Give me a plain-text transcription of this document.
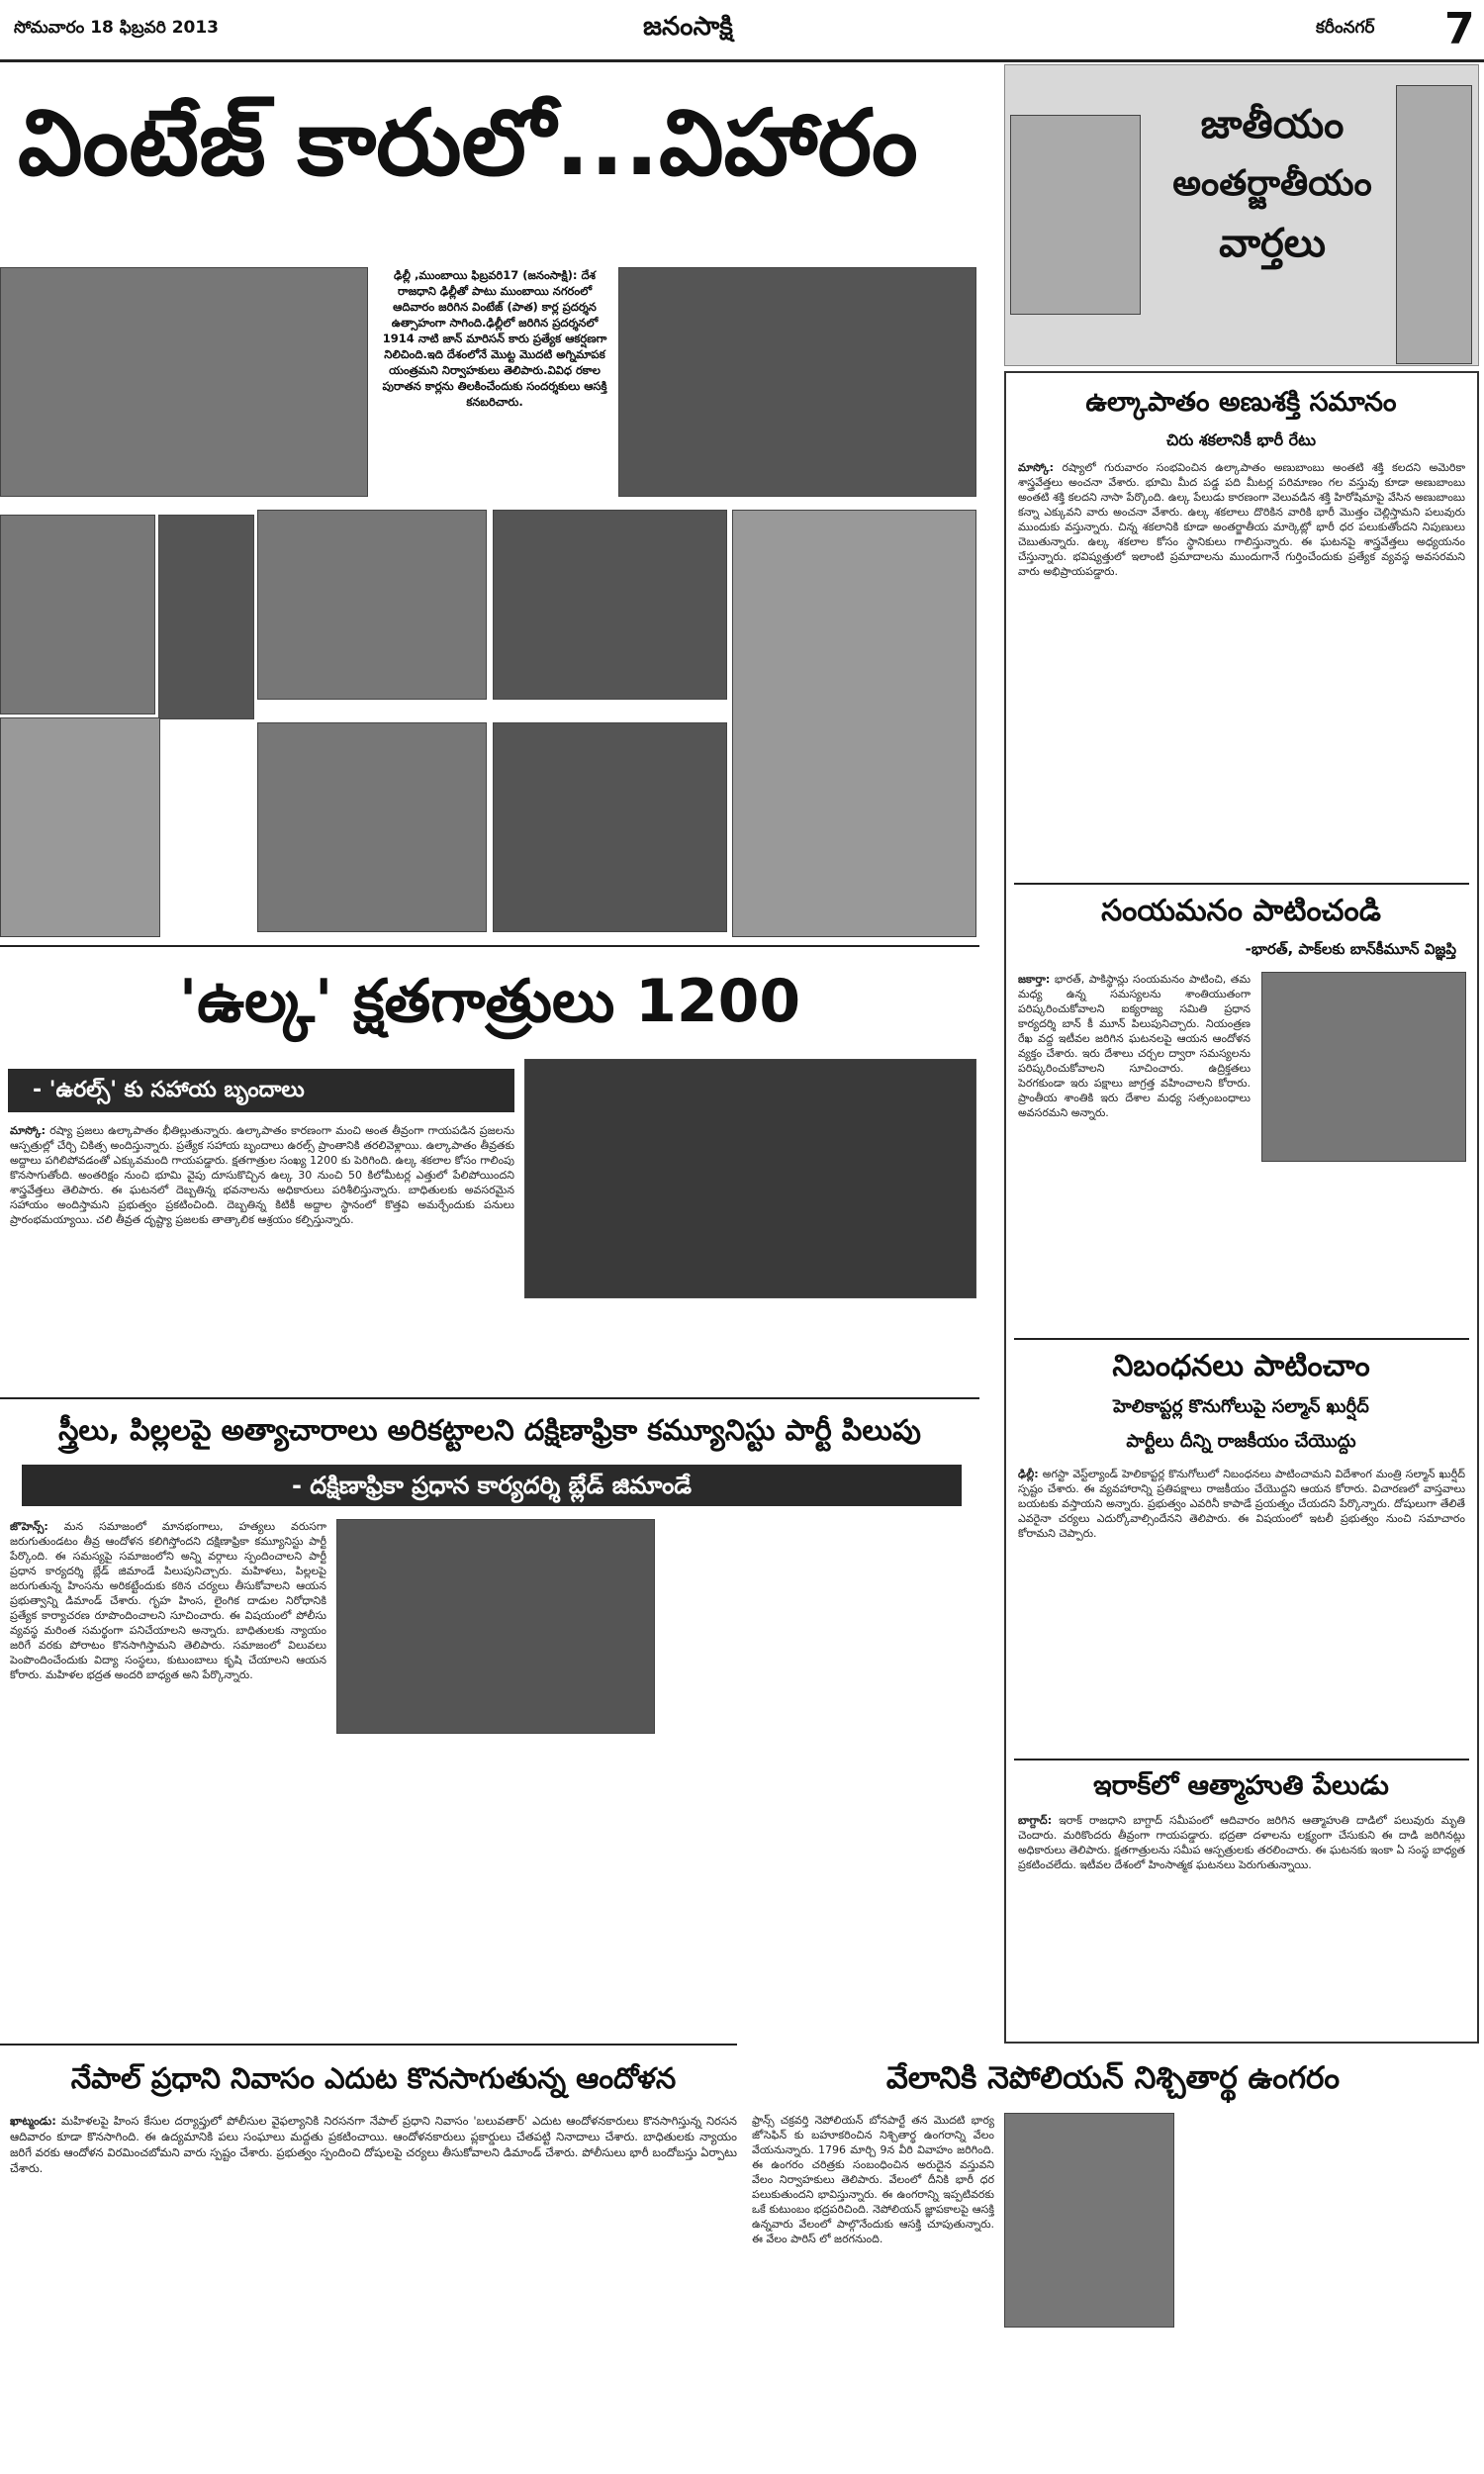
సోమవారం 18 ఫిబ్రవరి 2013	జనంసాక్షి	కరీంనగర్ 7
వింటేజ్ కారులో...విహారం
ఢిల్లీ ,ముంబాయి ఫిబ్రవరి17 (జనంసాక్షి): దేశ రాజధాని ఢిల్లీతో పాటు ముంబాయి నగరంలో ఆదివారం జరిగిన వింటేజ్ (పాత) కార్ల ప్రదర్శన ఉత్సాహంగా సాగింది.ఢిల్లీలో జరిగిన ప్రదర్శనలో 1914 నాటి జాన్ మారిసన్ కారు ప్రత్యేక ఆకర్షణగా నిలిచింది.ఇది దేశంలోనే మొట్ట మొదటి అగ్నిమాపక యంత్రమని నిర్వాహకులు తెలిపారు.వివిధ రకాల పురాతన కార్లను తిలకించేందుకు సందర్శకులు ఆసక్తి కనబరిచారు.
'ఉల్క' క్షతగాత్రులు 1200
- 'ఉరల్స్' కు సహాయ బృందాలు

మాస్కో: రష్యా ప్రజలు ఉల్కాపాతం భీతిల్లుతున్నారు. ఉల్కాపాతం కారణంగా మంచి అంత తీవ్రంగా గాయపడిన ప్రజలను ఆస్పత్రుల్లో చేర్చి చికిత్స అందిస్తున్నారు. ప్రత్యేక సహాయ బృందాలు ఉరల్స్ ప్రాంతానికి తరలివెళ్లాయి. ఉల్కాపాతం తీవ్రతకు అద్దాలు పగిలిపోవడంతో ఎక్కువమంది గాయపడ్డారు. క్షతగాత్రుల సంఖ్య 1200 కు పెరిగింది. ఉల్క శకలాల కోసం గాలింపు కొనసాగుతోంది. అంతరిక్షం నుంచి భూమి వైపు దూసుకొచ్చిన ఉల్క 30 నుంచి 50 కిలోమీటర్ల ఎత్తులో పేలిపోయిందని శాస్త్రవేత్తలు తెలిపారు. ఈ ఘటనలో దెబ్బతిన్న భవనాలను అధికారులు పరిశీలిస్తున్నారు. బాధితులకు అవసరమైన సహాయం అందిస్తామని ప్రభుత్వం ప్రకటించింది. దెబ్బతిన్న కిటికీ అద్దాల స్థానంలో కొత్తవి అమర్చేందుకు పనులు ప్రారంభమయ్యాయి. చలి తీవ్రత దృష్ట్యా ప్రజలకు తాత్కాలిక ఆశ్రయం కల్పిస్తున్నారు.

స్త్రీలు, పిల్లలపై అత్యాచారాలు అరికట్టాలని దక్షిణాఫ్రికా కమ్యూనిస్టు పార్టీ పిలుపు
- దక్షిణాఫ్రికా ప్రధాన కార్యదర్శి బ్లేడ్ జిమాండే

జొహెన్స్: మన సమాజంలో మానభంగాలు, హత్యలు వరుసగా జరుగుతుండటం తీవ్ర ఆందోళన కలిగిస్తోందని దక్షిణాఫ్రికా కమ్యూనిస్టు పార్టీ పేర్కొంది. ఈ సమస్యపై సమాజంలోని అన్ని వర్గాలు స్పందించాలని పార్టీ ప్రధాన కార్యదర్శి బ్లేడ్ జిమాండే పిలుపునిచ్చారు. మహిళలు, పిల్లలపై జరుగుతున్న హింసను అరికట్టేందుకు కఠిన చర్యలు తీసుకోవాలని ఆయన ప్రభుత్వాన్ని డిమాండ్ చేశారు. గృహ హింస, లైంగిక దాడుల నిరోధానికి ప్రత్యేక కార్యాచరణ రూపొందించాలని సూచించారు. ఈ విషయంలో పోలీసు వ్యవస్థ మరింత సమర్థంగా పనిచేయాలని అన్నారు. బాధితులకు న్యాయం జరిగే వరకు పోరాటం కొనసాగిస్తామని తెలిపారు. సమాజంలో విలువలు పెంపొందించేందుకు విద్యా సంస్థలు, కుటుంబాలు కృషి చేయాలని ఆయన కోరారు. మహిళల భద్రత అందరి బాధ్యత అని పేర్కొన్నారు.

నేపాల్ ప్రధాని నివాసం ఎదుట కొనసాగుతున్న ఆందోళన

ఖాట్మండు: మహిళలపై హింస కేసుల దర్యాప్తులో పోలీసుల వైఫల్యానికి నిరసనగా నేపాల్ ప్రధాని నివాసం 'బలువతార్' ఎదుట ఆందోళనకారులు కొనసాగిస్తున్న నిరసన ఆదివారం కూడా కొనసాగింది. ఈ ఉద్యమానికి పలు సంఘాలు మద్దతు ప్రకటించాయి. ఆందోళనకారులు ప్లకార్డులు చేతపట్టి నినాదాలు చేశారు. బాధితులకు న్యాయం జరిగే వరకు ఆందోళన విరమించబోమని వారు స్పష్టం చేశారు. ప్రభుత్వం స్పందించి దోషులపై చర్యలు తీసుకోవాలని డిమాండ్ చేశారు. పోలీసులు భారీ బందోబస్తు ఏర్పాటు చేశారు.

వేలానికి నెపోలియన్ నిశ్చితార్థ ఉంగరం

ఫ్రాన్స్ చక్రవర్తి నెపోలియన్ బోనపార్టే తన మొదటి భార్య జోసెఫిన్ కు బహూకరించిన నిశ్చితార్థ ఉంగరాన్ని వేలం వేయనున్నారు. 1796 మార్చి 9న వీరి వివాహం జరిగింది. ఈ ఉంగరం చరిత్రకు సంబంధించిన అరుదైన వస్తువని వేలం నిర్వాహకులు తెలిపారు. వేలంలో దీనికి భారీ ధర పలుకుతుందని భావిస్తున్నారు. ఈ ఉంగరాన్ని ఇప్పటివరకు ఒకే కుటుంబం భద్రపరిచింది. నెపోలియన్ జ్ఞాపకాలపై ఆసక్తి ఉన్నవారు వేలంలో పాల్గొనేందుకు ఆసక్తి చూపుతున్నారు. ఈ వేలం పారిస్ లో జరగనుంది.

జాతీయం
అంతర్జాతీయం
వార్తలు
ఉల్కాపాతం అణుశక్తి సమానం
చిరు శకలానికీ భారీ రేటు

మాస్కో: రష్యాలో గురువారం సంభవించిన ఉల్కాపాతం అణుబాంబు అంతటి శక్తి కలదని అమెరికా శాస్త్రవేత్తలు అంచనా వేశారు. భూమి మీద పడ్డ పది మీటర్ల పరిమాణం గల వస్తువు కూడా అణుబాంబు అంతటి శక్తి కలదని నాసా పేర్కొంది. ఉల్క పేలుడు కారణంగా వెలువడిన శక్తి హిరోషిమాపై వేసిన అణుబాంబు కన్నా ఎక్కువని వారు అంచనా వేశారు. ఉల్క శకలాలు దొరికిన వారికి భారీ మొత్తం చెల్లిస్తామని పలువురు ముందుకు వస్తున్నారు. చిన్న శకలానికి కూడా అంతర్జాతీయ మార్కెట్లో భారీ ధర పలుకుతోందని నిపుణులు చెబుతున్నారు. ఉల్క శకలాల కోసం స్థానికులు గాలిస్తున్నారు. ఈ ఘటనపై శాస్త్రవేత్తలు అధ్యయనం చేస్తున్నారు. భవిష్యత్తులో ఇలాంటి ప్రమాదాలను ముందుగానే గుర్తించేందుకు ప్రత్యేక వ్యవస్థ అవసరమని వారు అభిప్రాయపడ్డారు.

సంయమనం పాటించండి
-భారత్, పాక్‌లకు బాన్‌కీమూన్ విజ్ఞప్తి

జకార్తా: భారత్, పాకిస్థాన్లు సంయమనం పాటించి, తమ మధ్య ఉన్న సమస్యలను శాంతియుతంగా పరిష్కరించుకోవాలని ఐక్యరాజ్య సమితి ప్రధాన కార్యదర్శి బాన్ కీ మూన్ పిలుపునిచ్చారు. నియంత్రణ రేఖ వద్ద ఇటీవల జరిగిన ఘటనలపై ఆయన ఆందోళన వ్యక్తం చేశారు. ఇరు దేశాలు చర్చల ద్వారా సమస్యలను పరిష్కరించుకోవాలని సూచించారు. ఉద్రిక్తతలు పెరగకుండా ఇరు పక్షాలు జాగ్రత్త వహించాలని కోరారు. ప్రాంతీయ శాంతికి ఇరు దేశాల మధ్య సత్సంబంధాలు అవసరమని అన్నారు.

నిబంధనలు పాటించాం
హెలికాప్టర్ల కొనుగోలుపై సల్మాన్ ఖుర్షీద్
పార్టీలు దీన్ని రాజకీయం చేయొద్దు

ఢిల్లీ: అగస్టా వెస్ట్‌ల్యాండ్ హెలికాప్టర్ల కొనుగోలులో నిబంధనలు పాటించామని విదేశాంగ మంత్రి సల్మాన్ ఖుర్షీద్ స్పష్టం చేశారు. ఈ వ్యవహారాన్ని ప్రతిపక్షాలు రాజకీయం చేయొద్దని ఆయన కోరారు. విచారణలో వాస్తవాలు బయటకు వస్తాయని అన్నారు. ప్రభుత్వం ఎవరినీ కాపాడే ప్రయత్నం చేయదని పేర్కొన్నారు. దోషులుగా తేలితే ఎవరైనా చర్యలు ఎదుర్కోవాల్సిందేనని తెలిపారు. ఈ విషయంలో ఇటలీ ప్రభుత్వం నుంచి సమాచారం కోరామని చెప్పారు.

ఇరాక్‌లో ఆత్మాహుతి పేలుడు

బాగ్దాద్: ఇరాక్ రాజధాని బాగ్దాద్ సమీపంలో ఆదివారం జరిగిన ఆత్మాహుతి దాడిలో పలువురు మృతి చెందారు. మరికొందరు తీవ్రంగా గాయపడ్డారు. భద్రతా దళాలను లక్ష్యంగా చేసుకుని ఈ దాడి జరిగినట్లు అధికారులు తెలిపారు. క్షతగాత్రులను సమీప ఆస్పత్రులకు తరలించారు. ఈ ఘటనకు ఇంకా ఏ సంస్థ బాధ్యత ప్రకటించలేదు. ఇటీవల దేశంలో హింసాత్మక ఘటనలు పెరుగుతున్నాయి.
